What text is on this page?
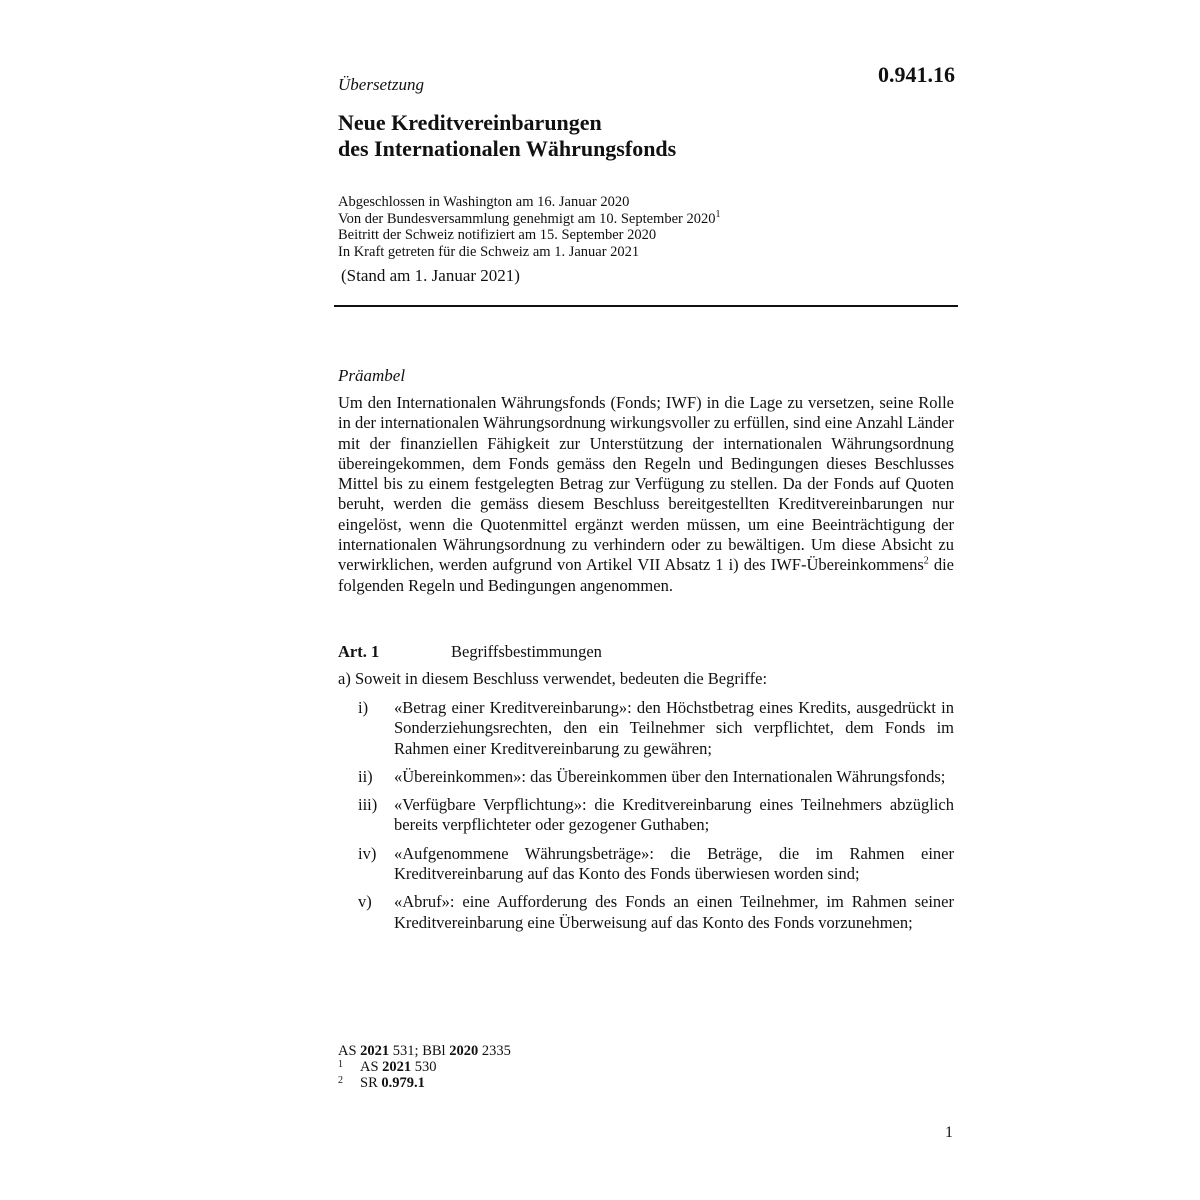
Übersetzung	0.941.16
Neue Kreditvereinbarungen
des Internationalen Währungsfonds
Abgeschlossen in Washington am 16. Januar 2020
Von der Bundesversammlung genehmigt am 10. September 2020$^1$
Beitritt der Schweiz notifiziert am 15. September 2020
In Kraft getreten für die Schweiz am 1. Januar 2021
(Stand am 1. Januar 2021)
Präambel
Um den Internationalen Währungsfonds (Fonds; IWF) in die Lage zu versetzen, seine Rolle in der internationalen Währungsordnung wirkungsvoller zu erfüllen, sind eine Anzahl Länder mit der finanziellen Fähigkeit zur Unterstützung der internationalen Währungsordnung übereingekommen, dem Fonds gemäss den Regeln und Bedingungen dieses Beschlusses Mittel bis zu einem festgelegten Betrag zur Verfügung zu stellen. Da der Fonds auf Quoten beruht, werden die gemäss diesem Beschluss bereitgestellten Kreditvereinbarungen nur eingelöst, wenn die Quotenmittel ergänzt werden müssen, um eine Beeinträchtigung der internationalen Währungsordnung zu verhindern oder zu bewältigen. Um diese Absicht zu verwirklichen, werden aufgrund von Artikel VII Absatz 1 i) des IWF-Übereinkommens$^2$ die folgenden Regeln und Bedingungen angenommen.
Art. 1	Begriffsbestimmungen
a) Soweit in diesem Beschluss verwendet, bedeuten die Begriffe:
i)	«Betrag einer Kreditvereinbarung»: den Höchstbetrag eines Kredits, ausgedrückt in Sonderziehungsrechten, den ein Teilnehmer sich verpflichtet, dem Fonds im Rahmen einer Kreditvereinbarung zu gewähren;
ii)	«Übereinkommen»: das Übereinkommen über den Internationalen Währungsfonds;
iii)	«Verfügbare Verpflichtung»: die Kreditvereinbarung eines Teilnehmers abzüglich bereits verpflichteter oder gezogener Guthaben;
iv)	«Aufgenommene Währungsbeträge»: die Beträge, die im Rahmen einer Kreditvereinbarung auf das Konto des Fonds überwiesen worden sind;
v)	«Abruf»: eine Aufforderung des Fonds an einen Teilnehmer, im Rahmen seiner Kreditvereinbarung eine Überweisung auf das Konto des Fonds vorzunehmen;
AS 2021 531; BBl 2020 2335
1	AS 2021 530
2	SR 0.979.1
1
